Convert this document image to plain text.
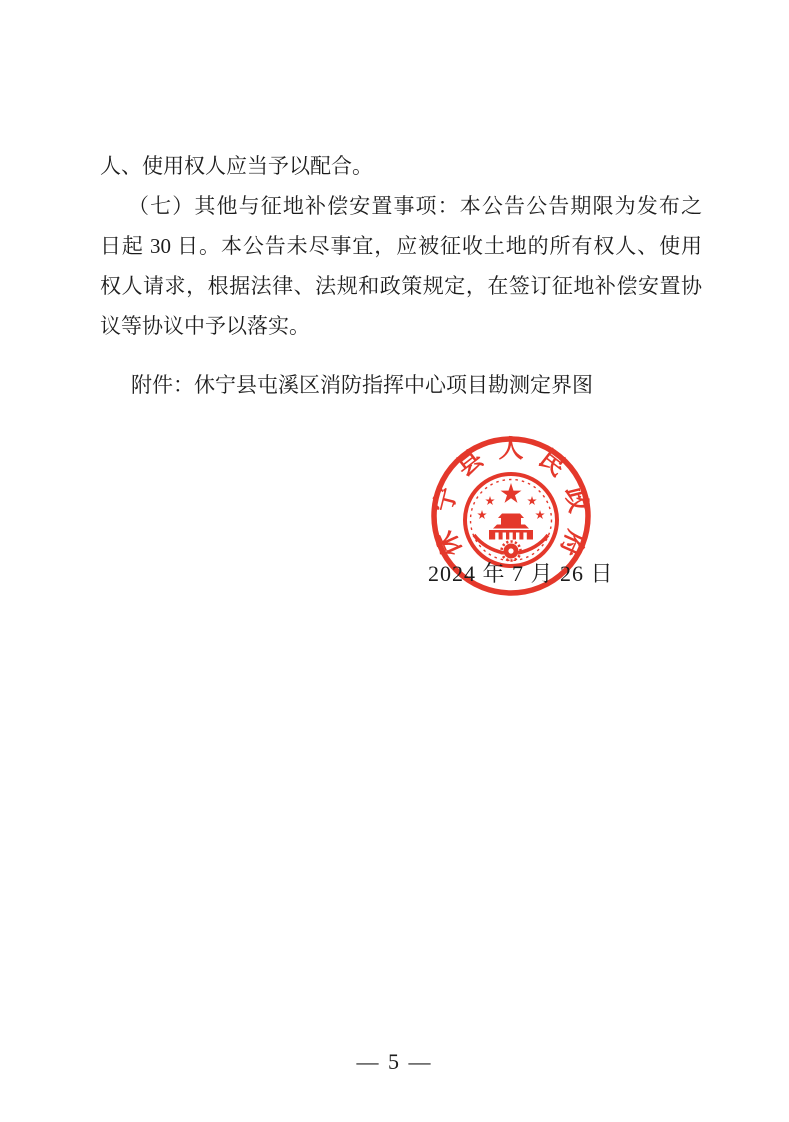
人、使用权人应当予以配合。
（七）其他与征地补偿安置事项：本公告公告期限为发布之
日起 30 日。本公告未尽事宜，应被征收土地的所有权人、使用
权人请求，根据法律、法规和政策规定，在签订征地补偿安置协
议等协议中予以落实。
附件：休宁县屯溪区消防指挥中心项目勘测定界图
休
宁
县 人 民
政
府
2024 年 7 月 26 日
— 5 —
